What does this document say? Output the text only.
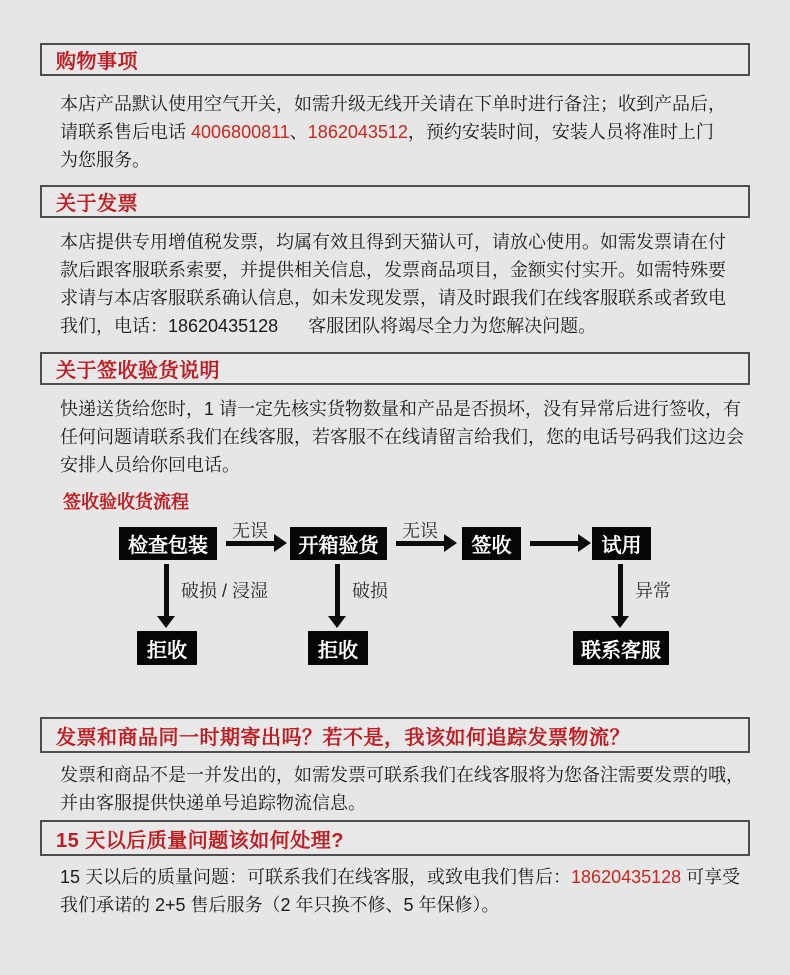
购物事项
本店产品默认使用空气开关，如需升级无线开关请在下单时进行备注；收到产品后，
请联系售后电话 4006800811、1862043512，预约安装时间，安装人员将准时上门
为您服务。
关于发票
本店提供专用增值税发票，均属有效且得到天猫认可，请放心使用。如需发票请在付
款后跟客服联系索要，并提供相关信息，发票商品项目，金额实付实开。如需特殊要
求请与本店客服联系确认信息，如未发现发票，请及时跟我们在线客服联系或者致电
我们，电话：18620435128      客服团队将竭尽全力为您解决问题。
关于签收验货说明
快递送货给您时，1 请一定先核实货物数量和产品是否损坏，没有异常后进行签收，有
任何问题请联系我们在线客服，若客服不在线请留言给我们，您的电话号码我们这边会
安排人员给你回电话。
签收验收货流程
检查包装	开箱验货	签收	试用
无误	无误
破损 / 浸湿	破损	异常
拒收	拒收	联系客服
发票和商品同一时期寄出吗？若不是，我该如何追踪发票物流？
发票和商品不是一并发出的，如需发票可联系我们在线客服将为您备注需要发票的哦，
并由客服提供快递单号追踪物流信息。
15 天以后质量问题该如何处理?
15 天以后的质量问题：可联系我们在线客服，或致电我们售后：18620435128 可享受
我们承诺的 2+5 售后服务（2 年只换不修、5 年保修）。
